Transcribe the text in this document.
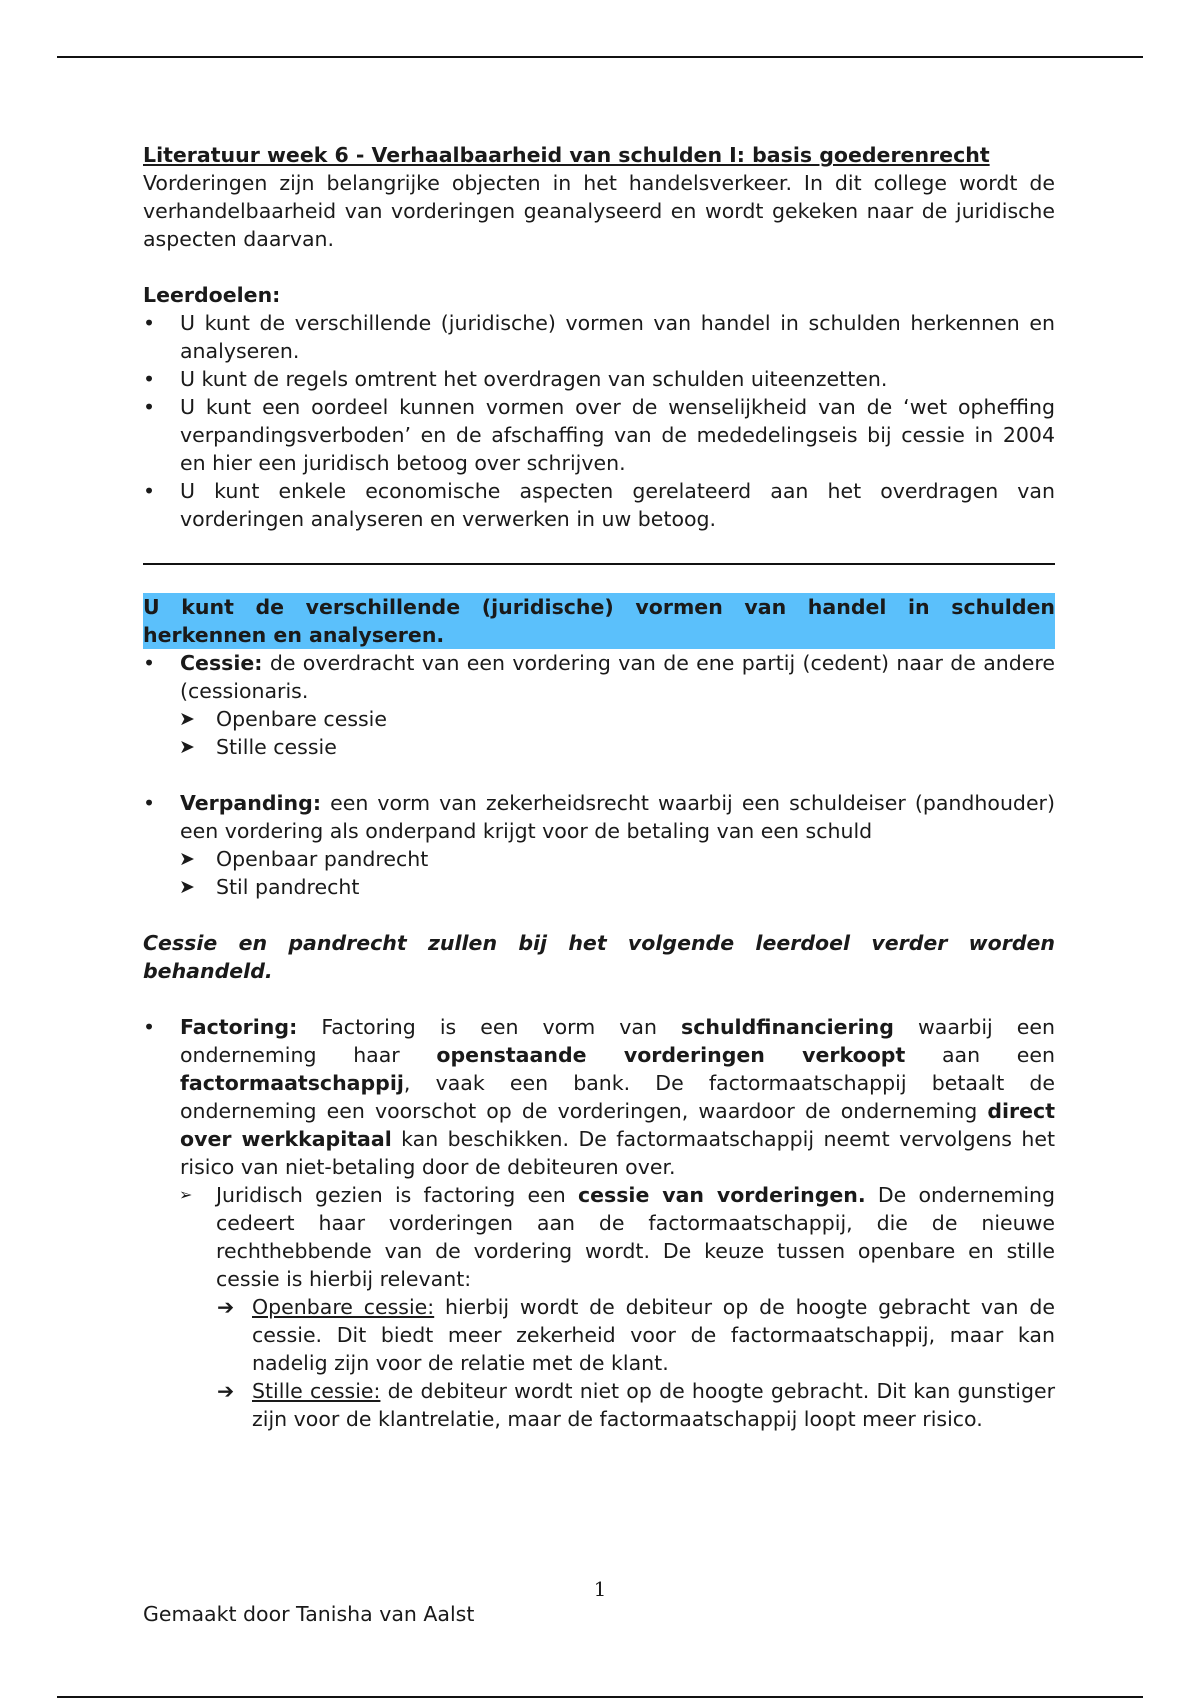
Literatuur week 6 - Verhaalbaarheid van schulden I: basis goederenrecht
Vorderingen zijn belangrijke objecten in het handelsverkeer. In dit college wordt de verhandelbaarheid van vorderingen geanalyseerd en wordt gekeken naar de juridische aspecten daarvan.
Leerdoelen:
• U kunt de verschillende (juridische) vormen van handel in schulden herkennen en analyseren.
• U kunt de regels omtrent het overdragen van schulden uiteenzetten.
• U kunt een oordeel kunnen vormen over de wenselijkheid van de ‘wet opheffing verpandingsverboden’ en de afschaffing van de mededelingseis bij cessie in 2004 en hier een juridisch betoog over schrijven.
• U kunt enkele economische aspecten gerelateerd aan het overdragen van vorderingen analyseren en verwerken in uw betoog.
U kunt de verschillende (juridische) vormen van handel in schulden herkennen en analyseren.
• Cessie: de overdracht van een vordering van de ene partij (cedent) naar de andere (cessionaris.
➤ Openbare cessie
➤ Stille cessie
• Verpanding: een vorm van zekerheidsrecht waarbij een schuldeiser (pandhouder) een vordering als onderpand krijgt voor de betaling van een schuld
➤ Openbaar pandrecht
➤ Stil pandrecht
Cessie en pandrecht zullen bij het volgende leerdoel verder worden behandeld.
• Factoring: Factoring is een vorm van schuldfinanciering waarbij een onderneming haar openstaande vorderingen verkoopt aan een factormaatschappij, vaak een bank. De factormaatschappij betaalt de onderneming een voorschot op de vorderingen, waardoor de onderneming direct over werkkapitaal kan beschikken. De factormaatschappij neemt vervolgens het risico van niet-betaling door de debiteuren over.
➢ Juridisch gezien is factoring een cessie van vorderingen. De onderneming cedeert haar vorderingen aan de factormaatschappij, die de nieuwe rechthebbende van de vordering wordt. De keuze tussen openbare en stille cessie is hierbij relevant:
➔ Openbare cessie: hierbij wordt de debiteur op de hoogte gebracht van de cessie. Dit biedt meer zekerheid voor de factormaatschappij, maar kan nadelig zijn voor de relatie met de klant.
➔ Stille cessie: de debiteur wordt niet op de hoogte gebracht. Dit kan gunstiger zijn voor de klantrelatie, maar de factormaatschappij loopt meer risico.
1
Gemaakt door Tanisha van Aalst
